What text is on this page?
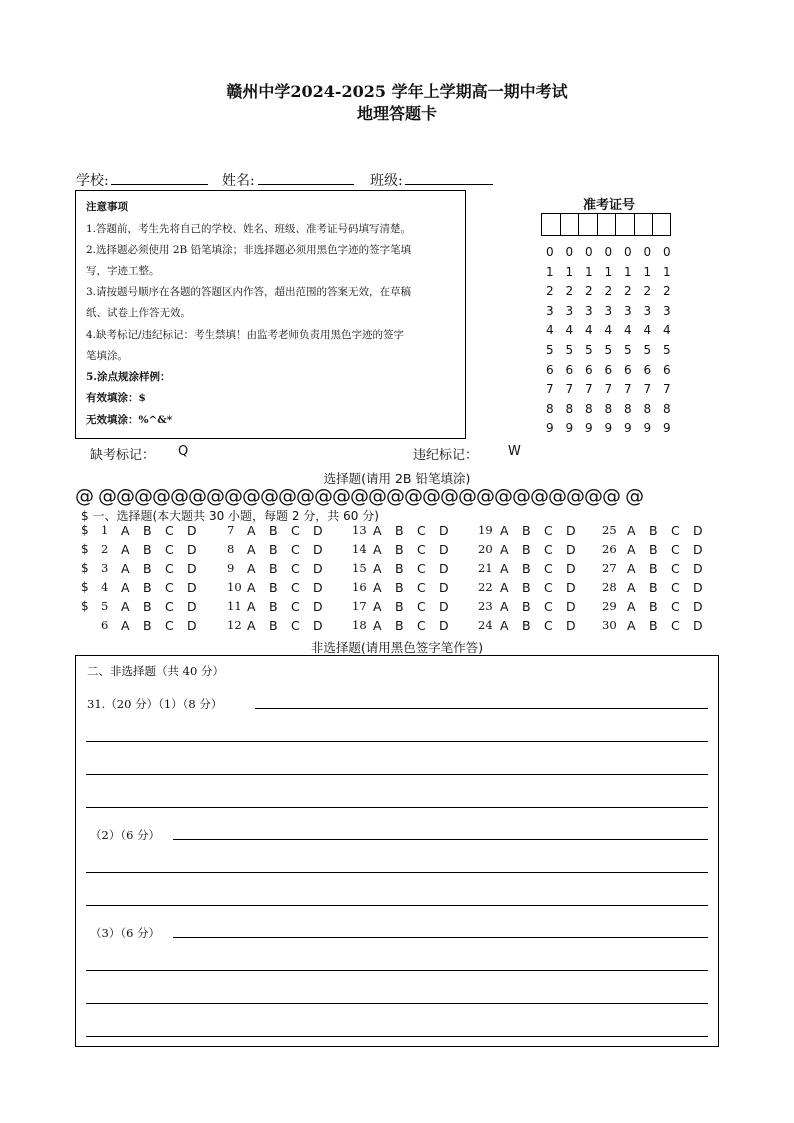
赣州中学2024-2025 学年上学期高一期中考试
地理答题卡
学校:	姓名:	班级:
注意事项
1.答题前，考生先将自己的学校、姓名、班级、准考证号码填写清楚。
2.选择题必须使用 2B 铅笔填涂；非选择题必须用黑色字迹的签字笔填
写，字迹工整。
3.请按题号顺序在各题的答题区内作答，超出范围的答案无效，在草稿
纸、试卷上作答无效。
4.缺考标记/违纪标记：考生禁填！由监考老师负责用黑色字迹的签字
笔填涂。
5.涂点规涂样例：
有效填涂：$
无效填涂：%^&*
准考证号
0 0 0 0 0 0 0
1 1 1 1 1 1 1
2 2 2 2 2 2 2
3 3 3 3 3 3 3
4 4 4 4 4 4 4
5 5 5 5 5 5 5
6 6 6 6 6 6 6
7 7 7 7 7 7 7
8 8 8 8 8 8 8
9 9 9 9 9 9 9
缺考标记： Q	违纪标记： W
选择题(请用 2B 铅笔填涂)
@ @@@@@@@@@@@@@@@@@@@@@@@@@@@@@ @
$ 一、选择题(本大题共 30 小题，每题 2 分，共 60 分)
1 A B C D
2 A B C D
3 A B C D
4 A B C D
5 A B C D
6 A B C D
7 A B C D
8 A B C D
9 A B C D
10 A B C D
11 A B C D
12 A B C D
13 A B C D
14 A B C D
15 A B C D
16 A B C D
17 A B C D
18 A B C D
19 A B C D
20 A B C D
21 A B C D
22 A B C D
23 A B C D
24 A B C D
25 A B C D
26 A B C D
27 A B C D
28 A B C D
29 A B C D
30 A B C D
$
$
$
$
$
非选择题(请用黑色签字笔作答)
二、非选择题（共 40 分）
31.（20 分）（1）（8 分）
（2）（6 分）
（3）（6 分）
